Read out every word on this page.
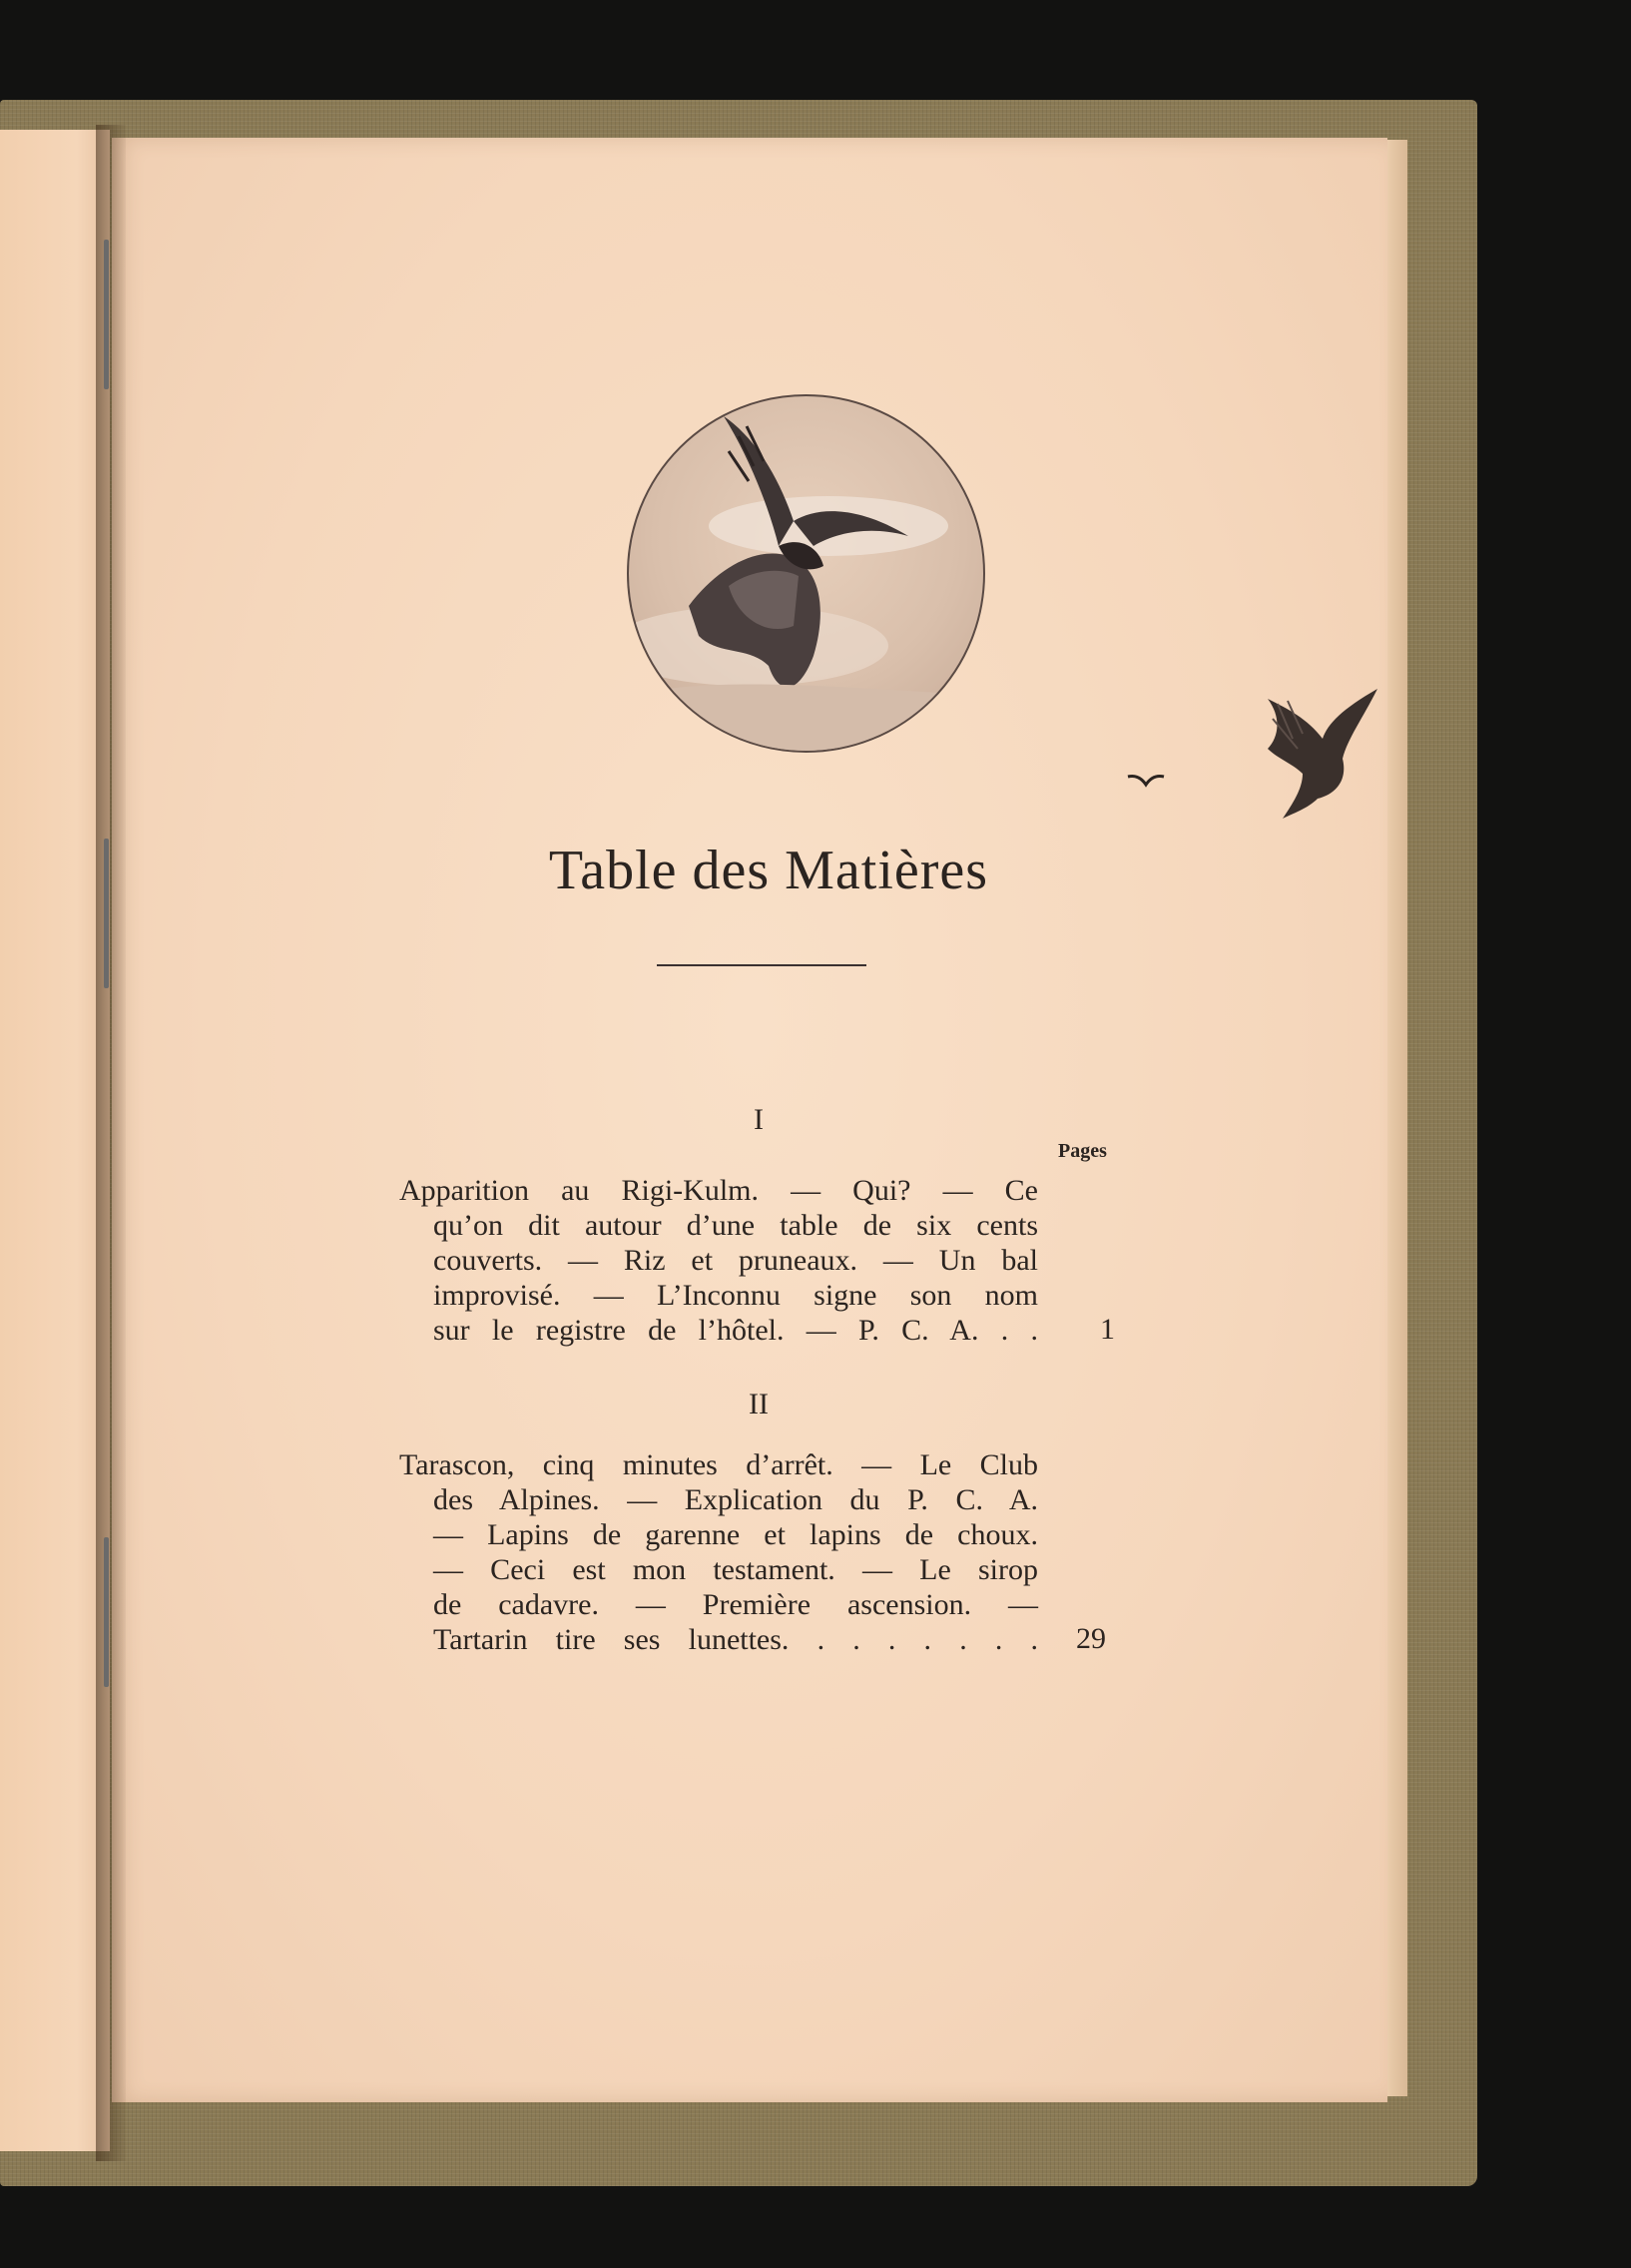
Table des Matières
I
Pages
Apparition au Rigi-Kulm. — Qui? — Ce
qu’on dit autour d’une table de six cents
couverts. — Riz et pruneaux. — Un bal
improvisé. — L’Inconnu signe son nom
sur le registre de l’hôtel. — P. C. A. . . 1
II
Tarascon, cinq minutes d’arrêt. — Le Club
des Alpines. — Explication du P. C. A.
— Lapins de garenne et lapins de choux.
— Ceci est mon testament. — Le sirop
de cadavre. — Première ascension. —
Tartarin tire ses lunettes. . . . . . . . 29
